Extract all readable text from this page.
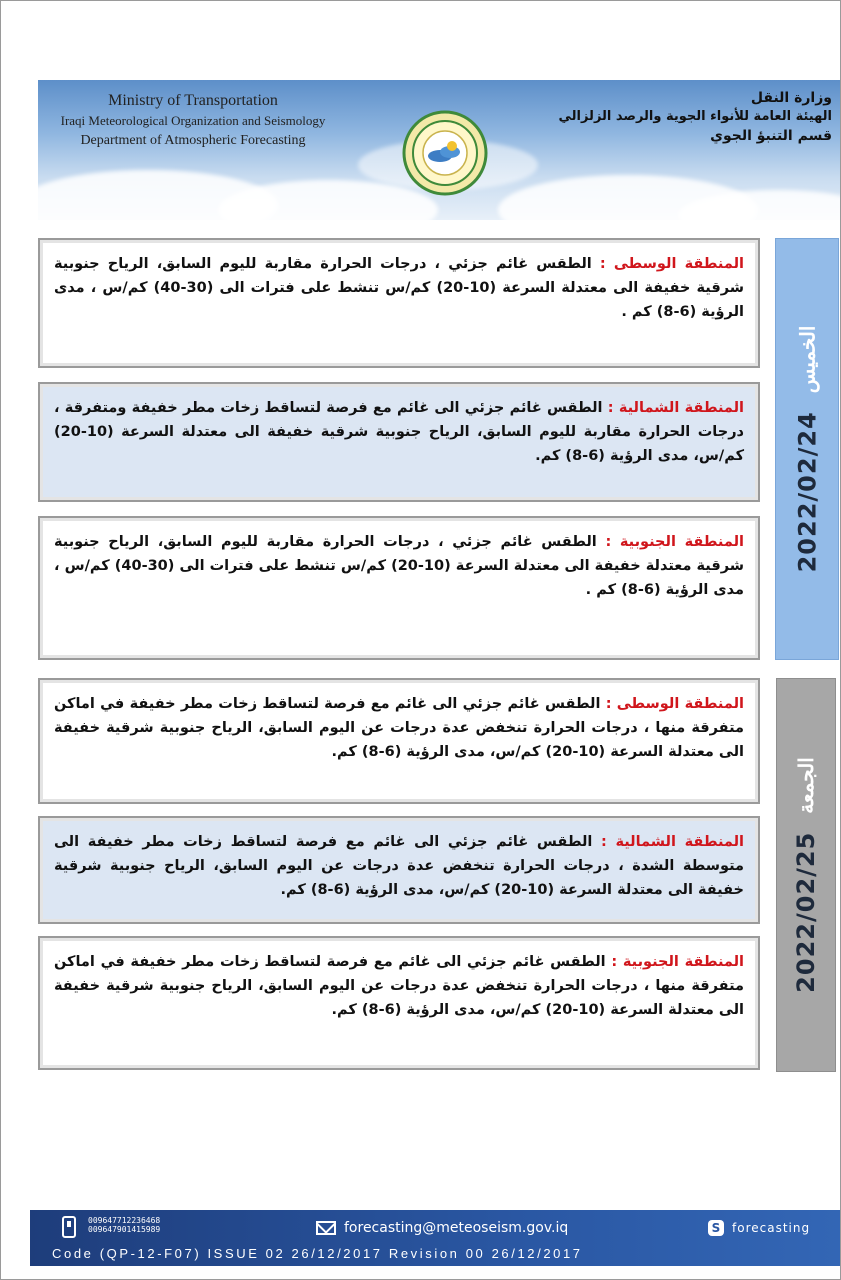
Ministry of Transportation
Iraqi Meteorological Organization and Seismology
Department of Atmospheric Forecasting
وزارة النقل
الهيئة العامة للأنواء الجوية والرصد الزلزالي
قسم التنبؤ الجوي
المنطقة الوسطى : الطقس غائم جزئي ، درجات الحرارة مقاربة لليوم السابق، الرياح جنوبية شرقية خفيفة الى معتدلة السرعة (10-20) كم/س تنشط على فترات الى (30-40) كم/س ، مدى الرؤية (6-8) كم .
المنطقة الشمالية : الطقس غائم جزئي الى غائم مع فرصة لتساقط زخات مطر خفيفة ومتفرقة ، درجات الحرارة مقاربة لليوم السابق، الرياح جنوبية شرقية خفيفة الى معتدلة السرعة (10-20) كم/س، مدى الرؤية (6-8) كم.
المنطقة الجنوبية : الطقس غائم جزئي ، درجات الحرارة مقاربة لليوم السابق، الرياح جنوبية شرقية معتدلة خفيفة الى معتدلة السرعة (10-20) كم/س تنشط على فترات الى (30-40) كم/س ، مدى الرؤية (6-8) كم .
2022/02/24
الخميس
المنطقة الوسطى : الطقس غائم جزئي الى غائم مع فرصة لتساقط زخات مطر خفيفة في اماكن متفرقة منها ، درجات الحرارة تنخفض عدة درجات عن اليوم السابق، الرياح جنوبية شرقية خفيفة الى معتدلة السرعة (10-20) كم/س، مدى الرؤية (6-8) كم.
المنطقة الشمالية : الطقس غائم جزئي الى غائم مع فرصة لتساقط زخات مطر خفيفة الى متوسطة الشدة ، درجات الحرارة تنخفض عدة درجات عن اليوم السابق، الرياح جنوبية شرقية خفيفة الى معتدلة السرعة (10-20) كم/س، مدى الرؤية (6-8) كم.
المنطقة الجنوبية : الطقس غائم جزئي الى غائم مع فرصة لتساقط زخات مطر خفيفة في اماكن متفرقة منها ، درجات الحرارة تنخفض عدة درجات عن اليوم السابق، الرياح جنوبية شرقية خفيفة الى معتدلة السرعة (10-20) كم/س، مدى الرؤية (6-8) كم.
2022/02/25
الجمعة
009647712236468
009647901415989	forecasting@meteoseism.gov.iq	S forecasting
Code (QP-12-F07) ISSUE 02 26/12/2017 Revision 00 26/12/2017
